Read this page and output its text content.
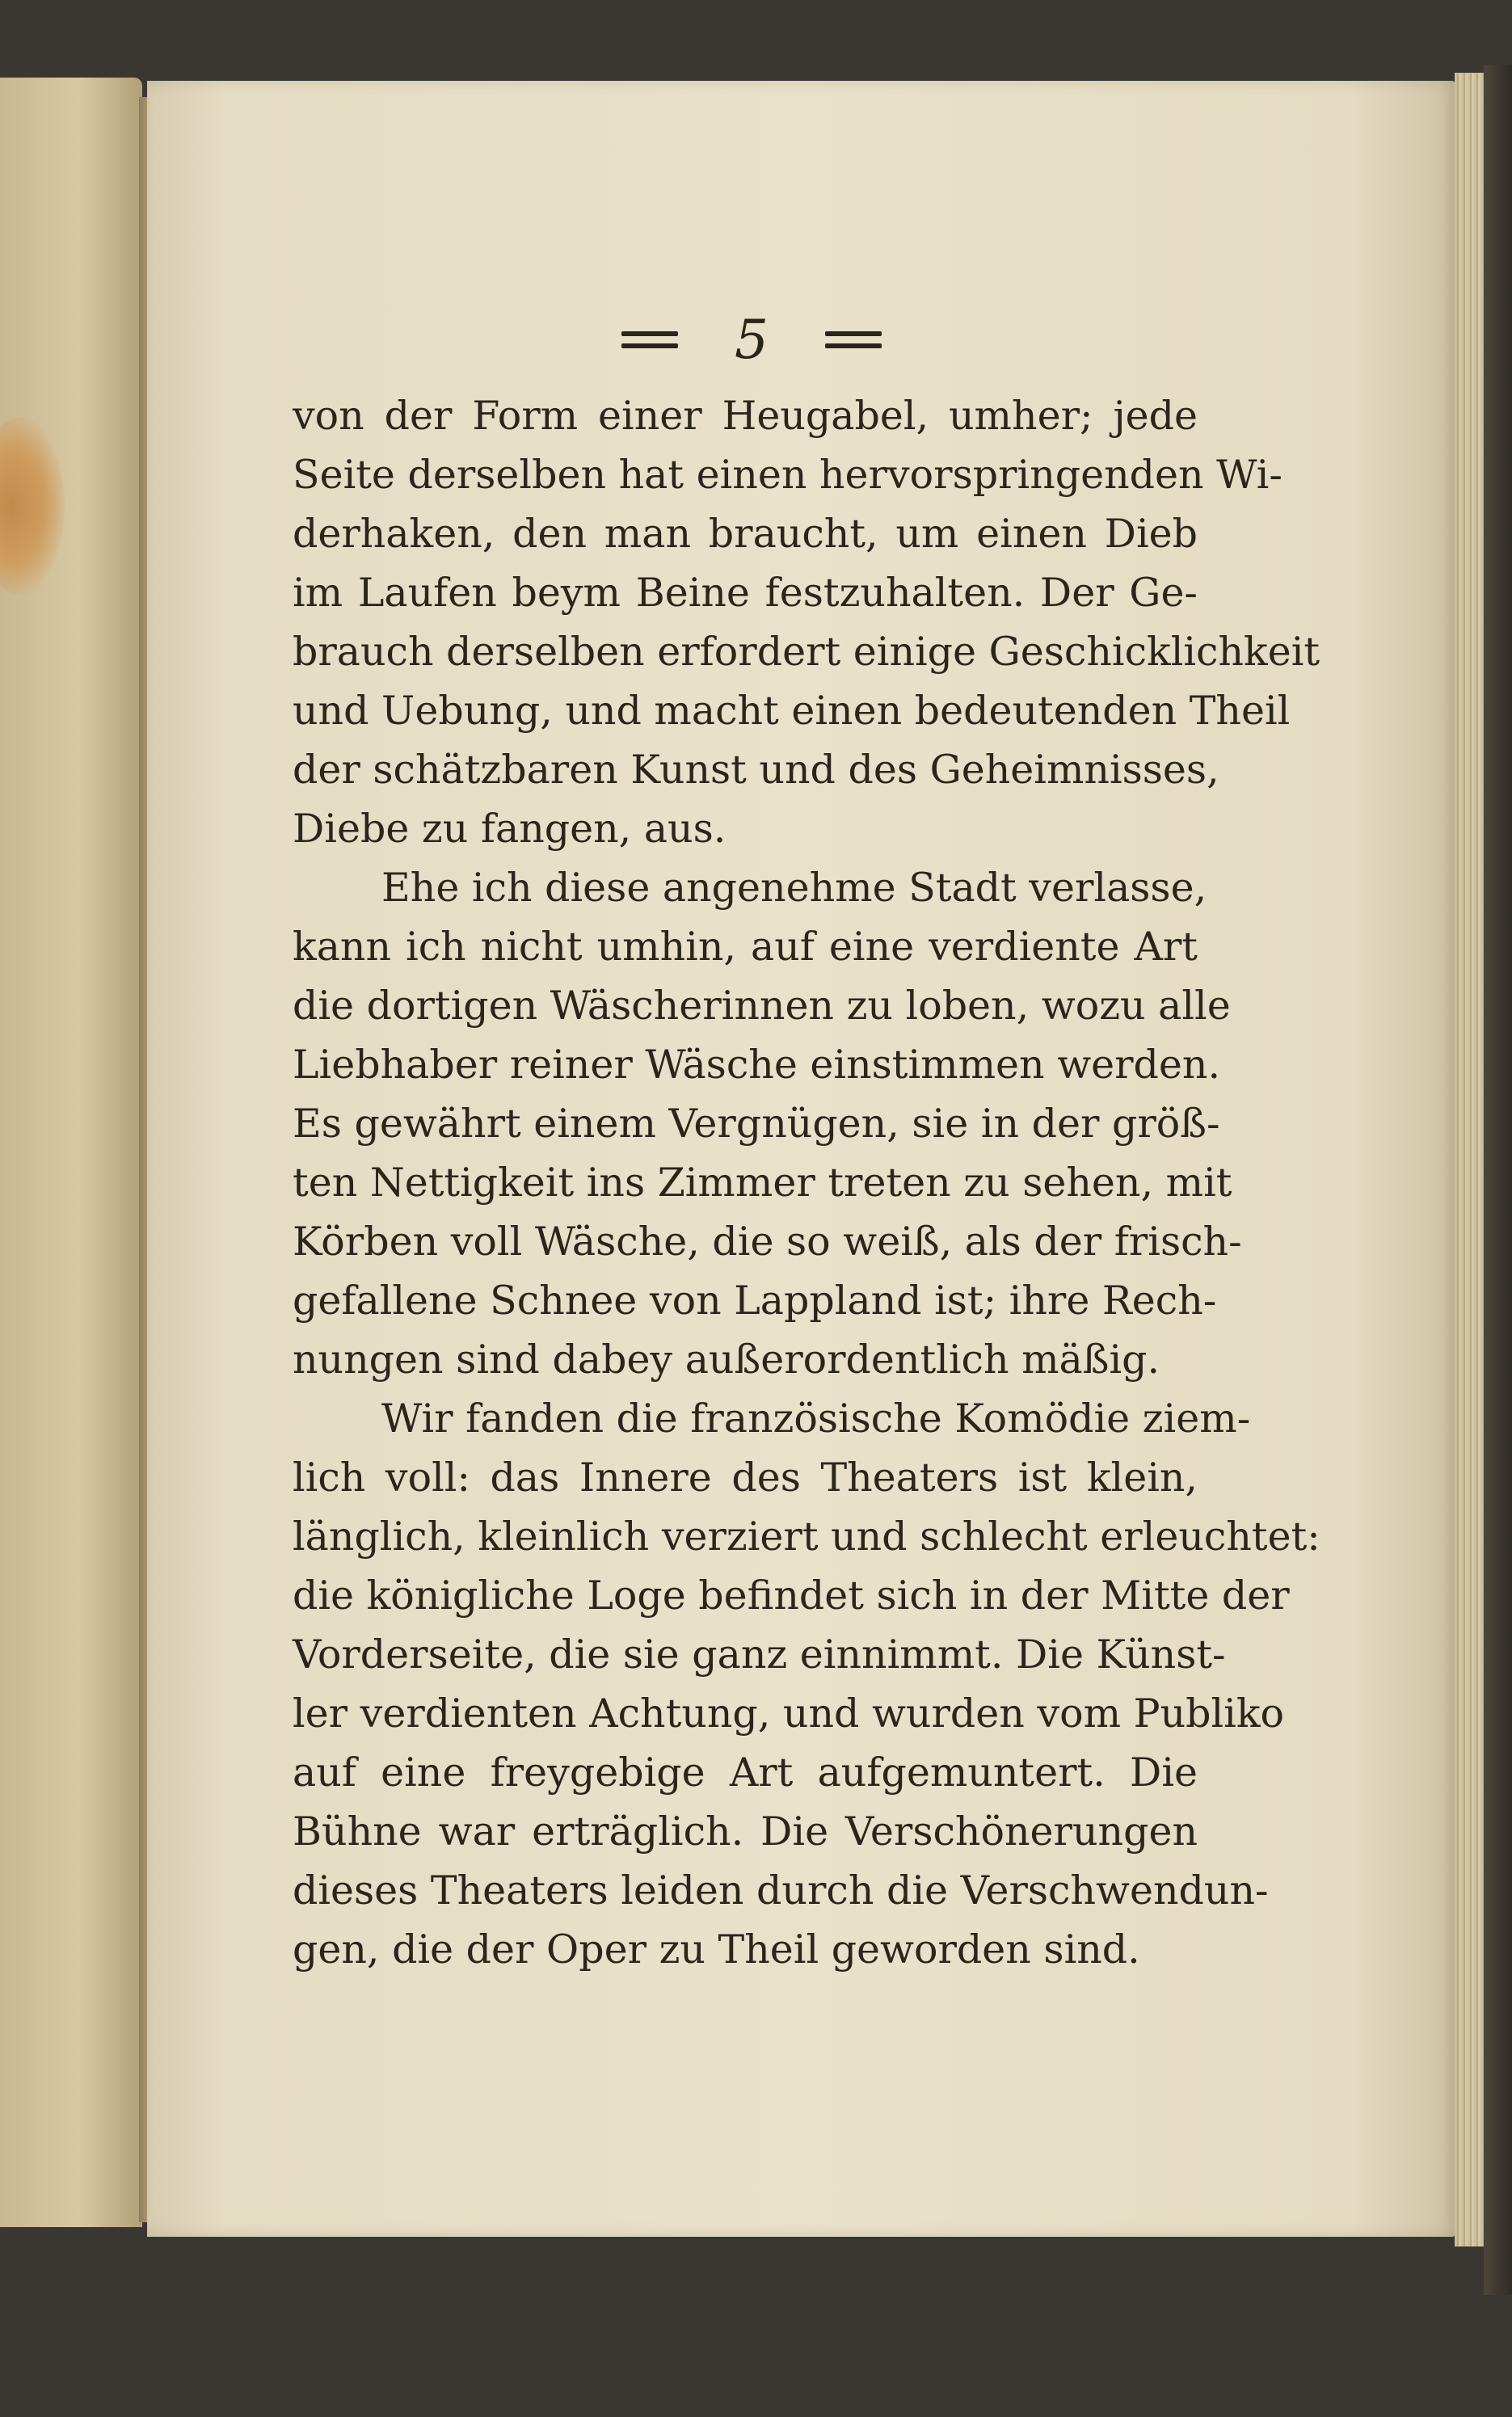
5
von der Form einer Heugabel, umher; jede
Seite derselben hat einen hervorspringenden Wi-
derhaken, den man braucht, um einen Dieb
im Laufen beym Beine festzuhalten. Der Ge-
brauch derselben erfordert einige Geschicklichkeit
und Uebung, und macht einen bedeutenden Theil
der schätzbaren Kunst und des Geheimnisses,
Diebe zu fangen, aus.
Ehe ich diese angenehme Stadt verlasse,
kann ich nicht umhin, auf eine verdiente Art
die dortigen Wäscherinnen zu loben, wozu alle
Liebhaber reiner Wäsche einstimmen werden.
Es gewährt einem Vergnügen, sie in der größ-
ten Nettigkeit ins Zimmer treten zu sehen, mit
Körben voll Wäsche, die so weiß, als der frisch-
gefallene Schnee von Lappland ist; ihre Rech-
nungen sind dabey außerordentlich mäßig.
Wir fanden die französische Komödie ziem-
lich voll: das Innere des Theaters ist klein,
länglich, kleinlich verziert und schlecht erleuchtet:
die königliche Loge befindet sich in der Mitte der
Vorderseite, die sie ganz einnimmt. Die Künst-
ler verdienten Achtung, und wurden vom Publiko
auf eine freygebige Art aufgemuntert. Die
Bühne war erträglich. Die Verschönerungen
dieses Theaters leiden durch die Verschwendun-
gen, die der Oper zu Theil geworden sind.
